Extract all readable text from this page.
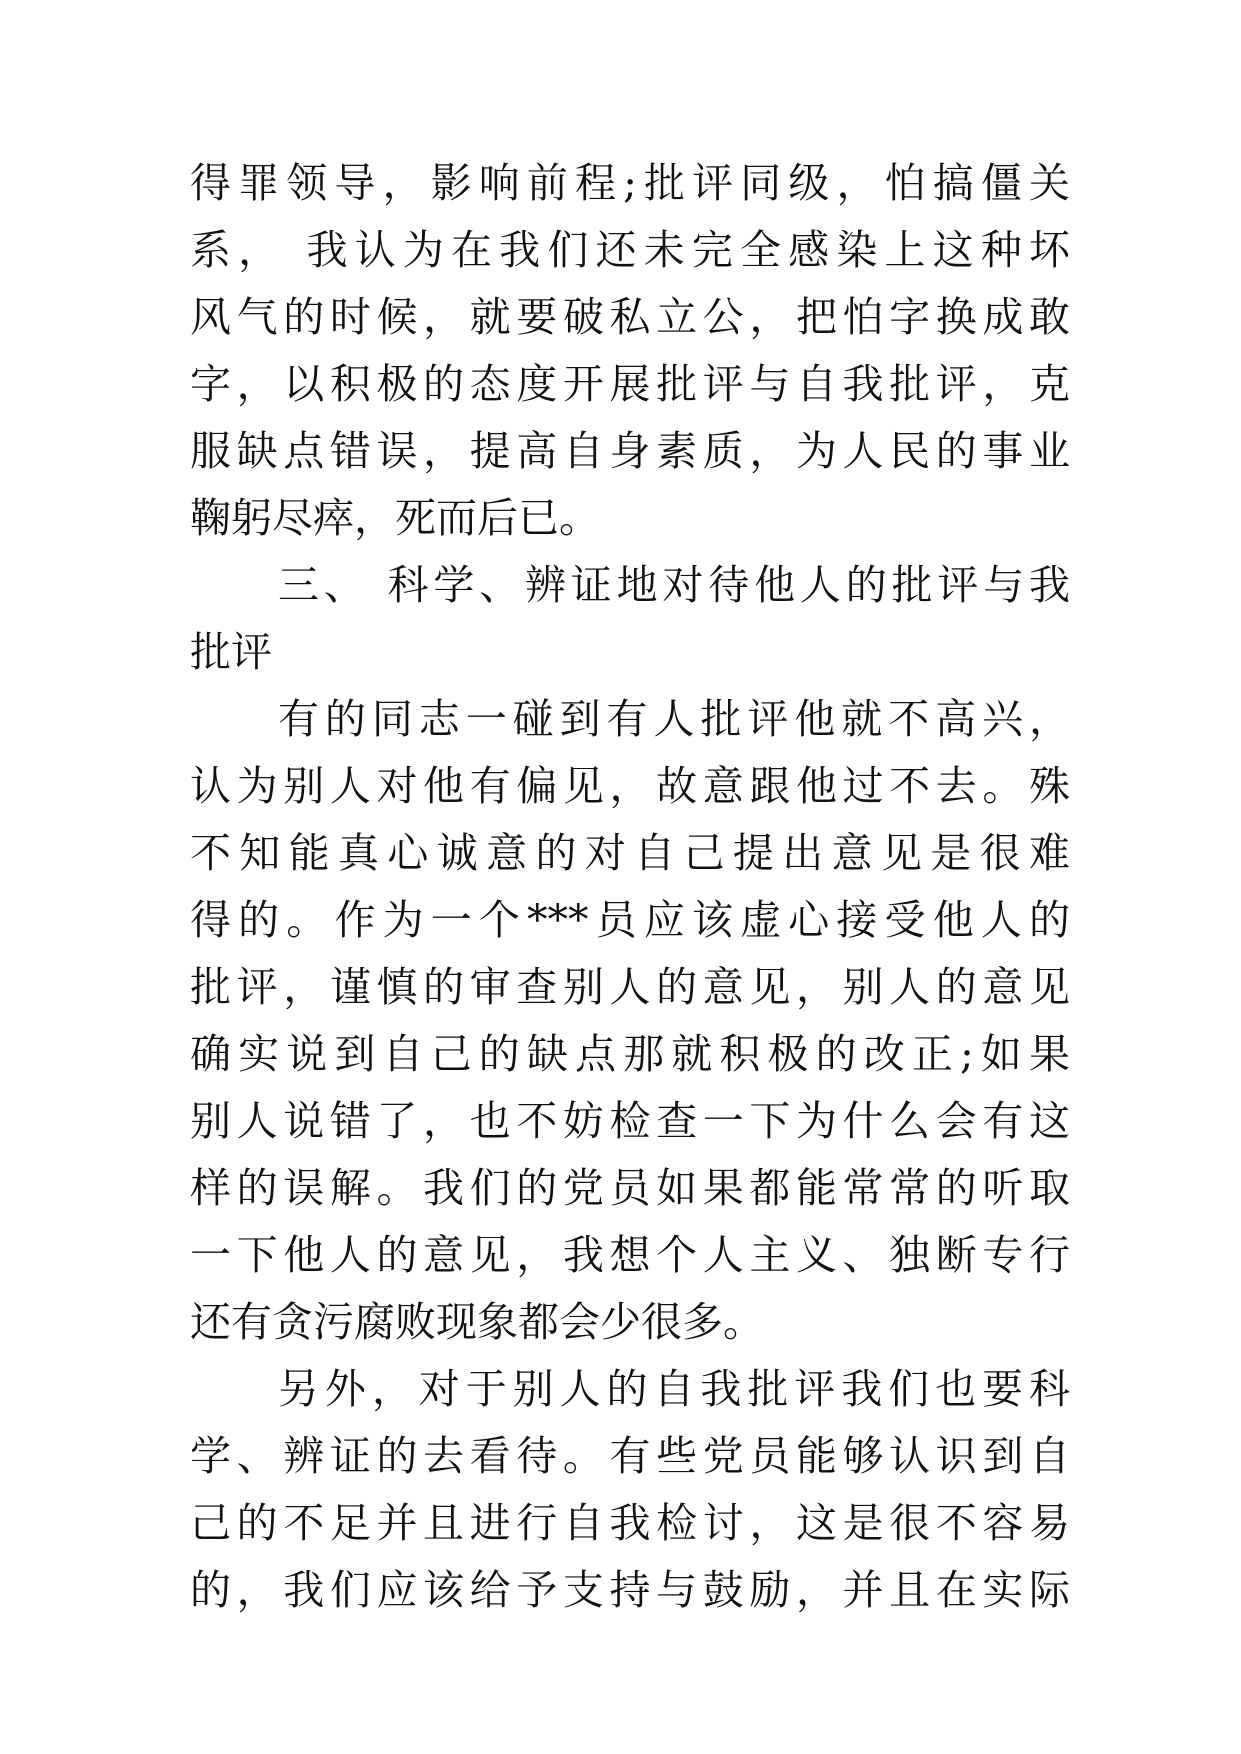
得罪领导，影响前程;批评同级，怕搞僵关
系， 我认为在我们还未完全感染上这种坏
风气的时候，就要破私立公，把怕字换成敢
字，以积极的态度开展批评与自我批评，克
服缺点错误，提高自身素质，为人民的事业
鞠躬尽瘁，死而后已。
三、 科学、辨证地对待他人的批评与我
批评
有的同志一碰到有人批评他就不高兴，
认为别人对他有偏见，故意跟他过不去。殊
不知能真心诚意的对自己提出意见是很难
得的。作为一个***员应该虚心接受他人的
批评，谨慎的审查别人的意见，别人的意见
确实说到自己的缺点那就积极的改正;如果
别人说错了，也不妨检查一下为什么会有这
样的误解。我们的党员如果都能常常的听取
一下他人的意见，我想个人主义、独断专行
还有贪污腐败现象都会少很多。
另外，对于别人的自我批评我们也要科
学、辨证的去看待。有些党员能够认识到自
己的不足并且进行自我检讨，这是很不容易
的，我们应该给予支持与鼓励，并且在实际
